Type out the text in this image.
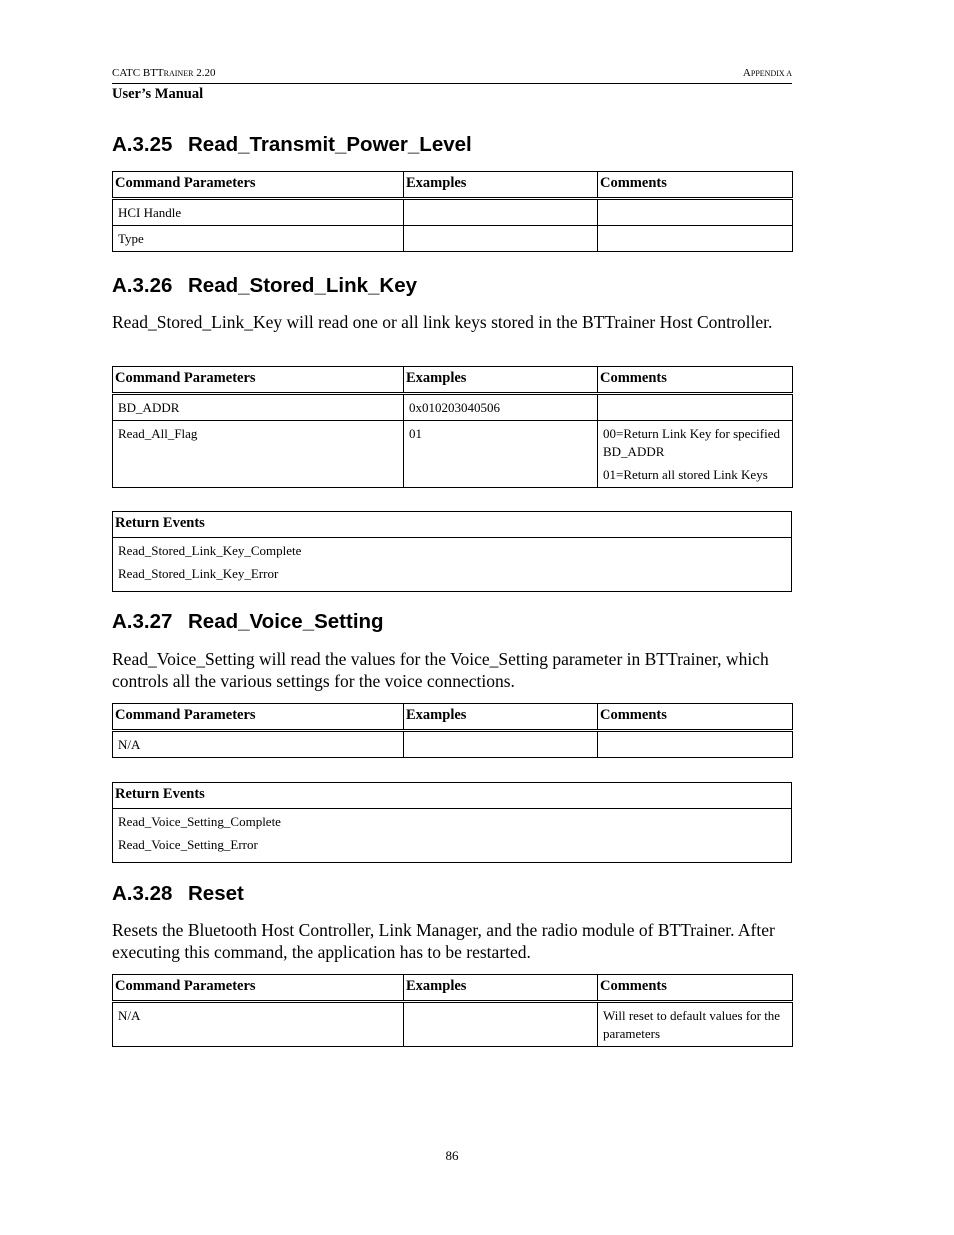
CATC BTTRAINER 2.20	APPENDIX A
User’s Manual
A.3.25 Read_Transmit_Power_Level
Command Parameters	Examples	Comments
HCI Handle		
Type		
A.3.26 Read_Stored_Link_Key

Read_Stored_Link_Key will read one or all link keys stored in the BTTrainer Host Controller.

Command Parameters	Examples	Comments
BD_ADDR	0x010203040506	
Read_All_Flag	01	00=Return Link Key for specified BD_ADDR
01=Return all stored Link Keys
Return Events

Read_Stored_Link_Key_Complete
Read_Stored_Link_Key_Error
A.3.27 Read_Voice_Setting

Read_Voice_Setting will read the values for the Voice_Setting parameter in BTTrainer, which controls all the various settings for the voice connections.

Command Parameters	Examples	Comments
N/A		
Return Events

Read_Voice_Setting_Complete
Read_Voice_Setting_Error
A.3.28 Reset

Resets the Bluetooth Host Controller, Link Manager, and the radio module of BTTrainer. After executing this command, the application has to be restarted.

Command Parameters	Examples	Comments
N/A		Will reset to default values for the parameters
86
